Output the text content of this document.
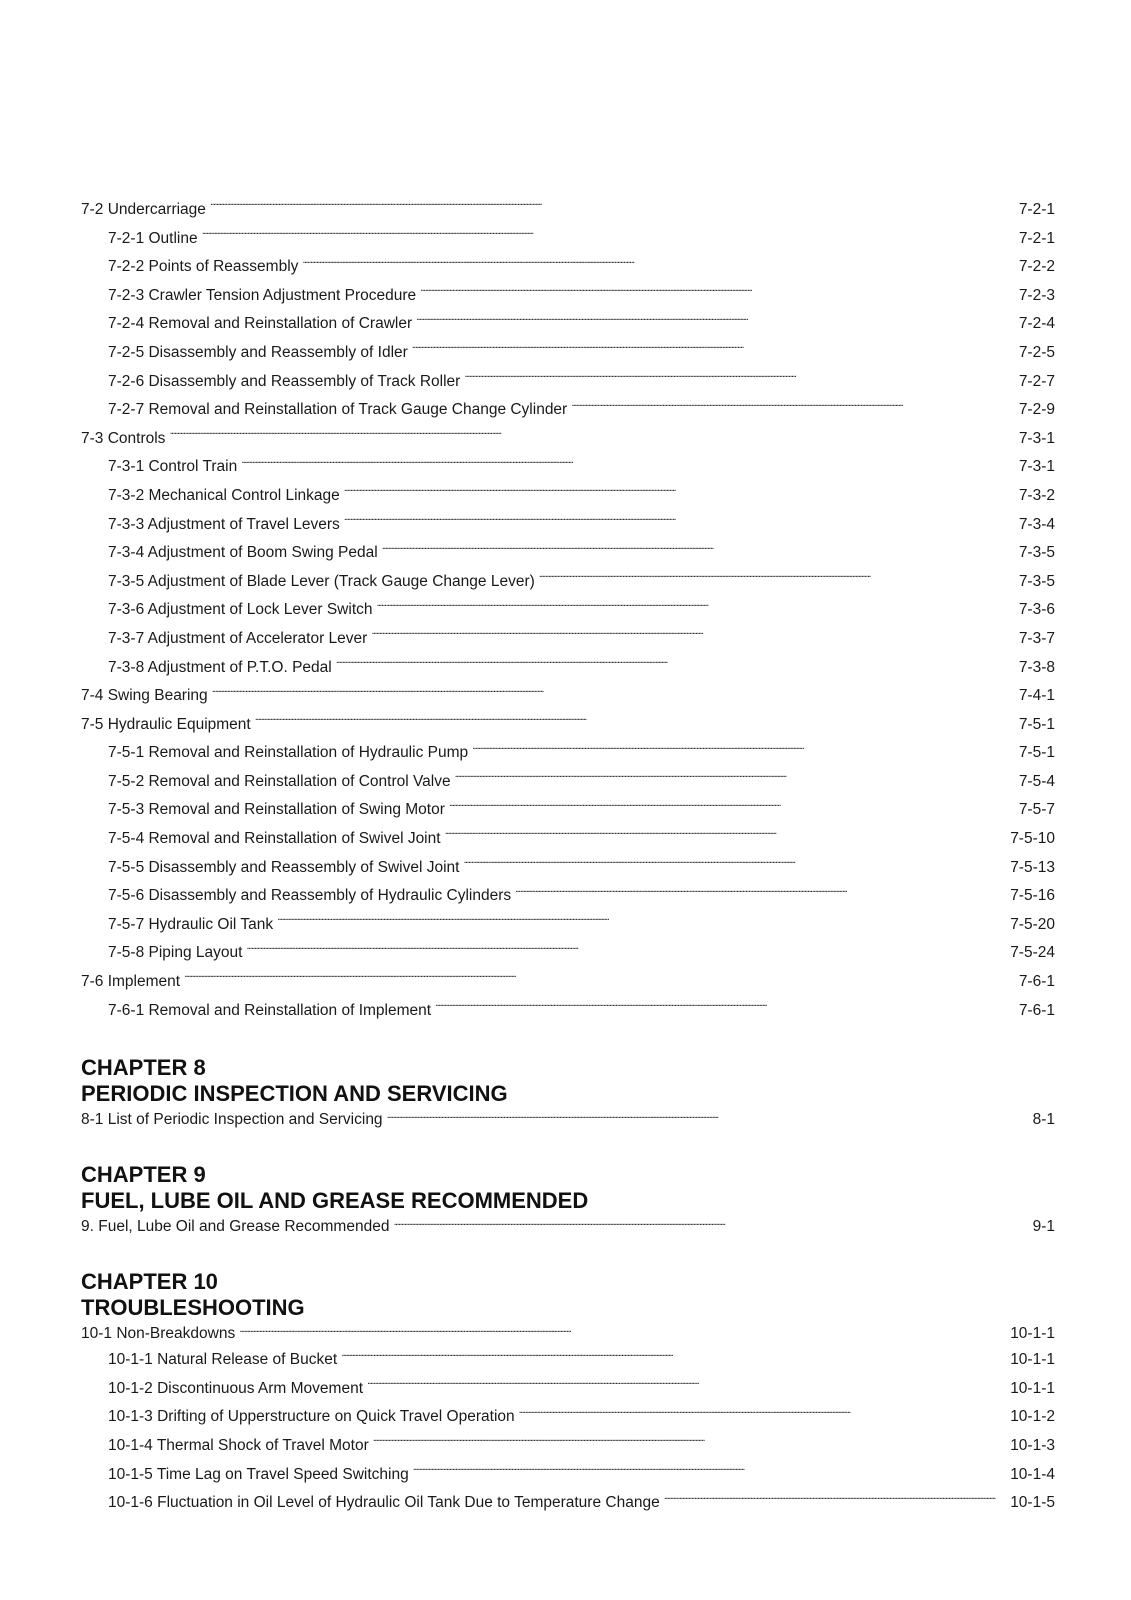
7-2 Undercarriage . . .	7-2-1
7-2-1 Outline . . .	7-2-1
7-2-2 Points of Reassembly . . .	7-2-2
7-2-3 Crawler Tension Adjustment Procedure . . .	7-2-3
7-2-4 Removal and Reinstallation of Crawler . . .	7-2-4
7-2-5 Disassembly and Reassembly of Idler . . .	7-2-5
7-2-6 Disassembly and Reassembly of Track Roller . . .	7-2-7
7-2-7 Removal and Reinstallation of Track Gauge Change Cylinder . . .	7-2-9
7-3 Controls . . .	7-3-1
7-3-1 Control Train . . .	7-3-1
7-3-2 Mechanical Control Linkage . . .	7-3-2
7-3-3 Adjustment of Travel Levers . . .	7-3-4
7-3-4 Adjustment of Boom Swing Pedal . . .	7-3-5
7-3-5 Adjustment of Blade Lever (Track Gauge Change Lever) . . .	7-3-5
7-3-6 Adjustment of Lock Lever Switch . . .	7-3-6
7-3-7 Adjustment of Accelerator Lever . . .	7-3-7
7-3-8 Adjustment of P.T.O. Pedal . . .	7-3-8
7-4 Swing Bearing . . .	7-4-1
7-5 Hydraulic Equipment . . .	7-5-1
7-5-1 Removal and Reinstallation of Hydraulic Pump . . .	7-5-1
7-5-2 Removal and Reinstallation of Control Valve . . .	7-5-4
7-5-3 Removal and Reinstallation of Swing Motor . . .	7-5-7
7-5-4 Removal and Reinstallation of Swivel Joint . . .	7-5-10
7-5-5 Disassembly and Reassembly of Swivel Joint . . .	7-5-13
7-5-6 Disassembly and Reassembly of Hydraulic Cylinders . . .	7-5-16
7-5-7 Hydraulic Oil Tank . . .	7-5-20
7-5-8 Piping Layout . . .	7-5-24
7-6 Implement . . .	7-6-1
7-6-1 Removal and Reinstallation of Implement . . .	7-6-1
CHAPTER 8
PERIODIC INSPECTION AND SERVICING
8-1 List of Periodic Inspection and Servicing . . .	8-1
CHAPTER 9
FUEL, LUBE OIL AND GREASE RECOMMENDED
9. Fuel, Lube Oil and Grease Recommended . . .	9-1
CHAPTER 10
TROUBLESHOOTING
10-1 Non-Breakdowns . . .	10-1-1
10-1-1 Natural Release of Bucket . . .	10-1-1
10-1-2 Discontinuous Arm Movement . . .	10-1-1
10-1-3 Drifting of Upperstructure on Quick Travel Operation . . .	10-1-2
10-1-4 Thermal Shock of Travel Motor . . .	10-1-3
10-1-5 Time Lag on Travel Speed Switching . . .	10-1-4
10-1-6 Fluctuation in Oil Level of Hydraulic Oil Tank Due to Temperature Change . . .	10-1-5
